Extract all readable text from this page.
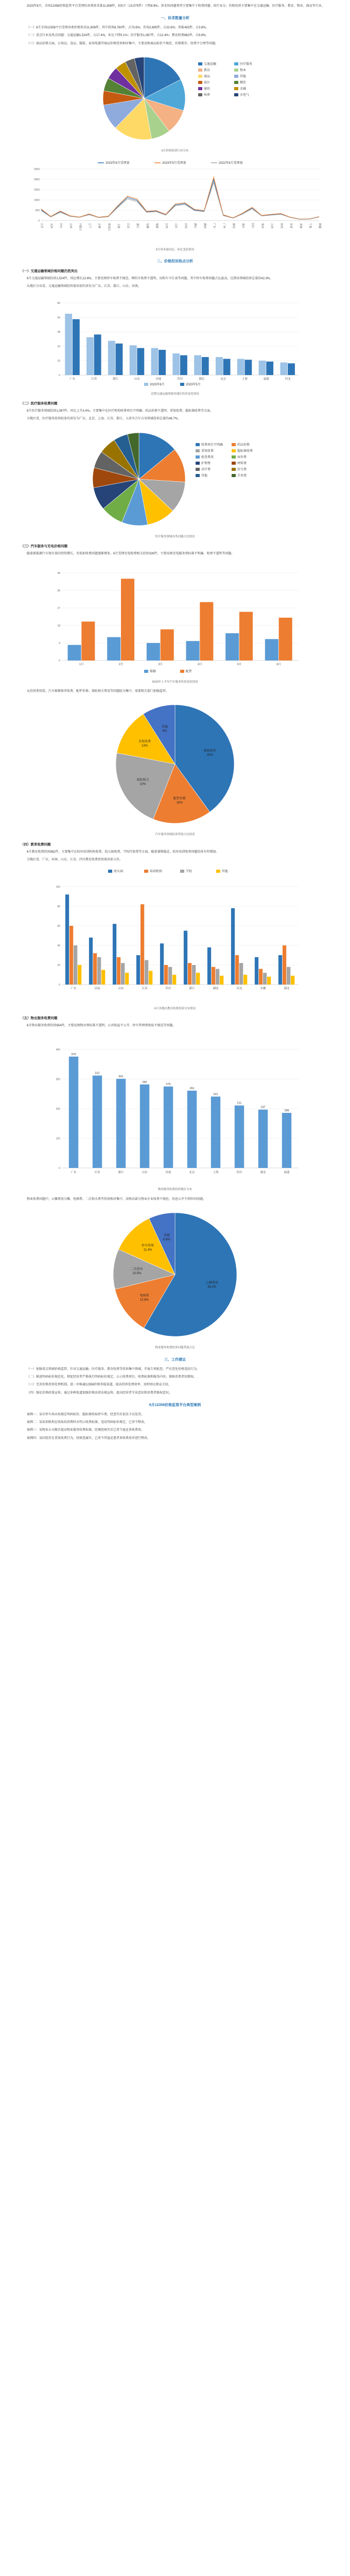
2023年6月，全国12358价格监管平台受理的各类诉求量11,908件，较5月（13,075件）下降8.9%。诉求按问题类型主要集中于收费问题。按行业分，价格投诉主要集中在交通运输、医疗服务、教育、物业、商品等行业。

一、诉求数量分析

（一）6月全国12358平台受理各类价格诉求11,908件，其中投诉8,760件，占73.6%；咨询2,695件，占22.6%；举报453件，占3.8%。

（二）重点行业及热点问题：交通运输1,524件，占17.4%，环比下降5.1%；医疗服务1,087件，占12.4%；教育收费862件，占9.8%。

（三）商品价格方面，日用品、食品、服装、家用电器等商品价格投诉相对集中，主要反映商品标价不规范、价格欺诈、收费不合理等问题。

交通运输	医疗服务
教育	物业
商品	其他
景区	餐饮
通信	金融
殡葬	水电气
6月价格投诉行业分布
0
500
1000
1500
2000
2500
北京	天津	河北	山西	内蒙古	辽宁	吉林	黑龙江	上海	江苏	浙江	安徽	福建	江西	山东	河南	湖北	湖南	广东	广西	海南	重庆	四川	贵州	云南	陕西	甘肃	青海	宁夏	新疆
2023年6月受理量	2023年5月受理量	2022年6月受理量
6月诉求量同比、环比变化情况
二、价格投诉热点分析
（一）交通运输领域价格问题仍然突出

6月交通运输领域投诉1,524件，同比增长12.6%。主要反映停车收费不规范、网约车收费不透明、出租车不打表等问题。其中停车收费问题占比最高，达到该领域投诉总量的42.3%。

从地区分布看，交通运输领域投诉量居前的省份为广东、江苏、浙江、山东、河南。

0
16
32
48
64
80
广东	江苏	浙江	山东	河南	四川	湖北	北京	上海	福建	河北
2023年6月	2023年5月
近期交通运输领域各地区投诉变化情况
（二）医疗服务收费问题

6月医疗服务领域投诉1,087件，环比上升3.4%。主要集中在医疗机构收费项目不明确、药品价格不透明、重复收费、超标准收费等方面。

分地区看，医疗服务投诉较多的省份为广东、北京、上海、江苏、浙江，五省市合计占该领域投诉总量的48.7%。

收费项目不明确	药品价格
重复收费	超标准收费
检查费用	床位费
护理费	材料费
诊疗费	挂号费
其他	手术费
医疗服务领域各类问题占比情况
（三）汽车服务与充电价格问题

随着新能源汽车保有量的持续增长，充电桩收费问题逐渐增多。6月受理充电收费相关投诉326件，主要反映充电服务费标准不明确、收费不透明等问题。

0
9
18
27
36
45
1月	2月	3月	4月	5月	6月
维修	配件
2023年上半年汽车服务投诉变化情况

从投诉类别看，汽车维修保养收费、配件价格、保险相关费用等问题较为集中，需要相关部门加强监管。

维修保养
40%
配件价格
16%
保险相关
22%
充电收费
13%
其他
9%
汽车服务领域投诉类别占比情况
（四）教育收费问题

6月教育收费投诉862件，主要集中在校外培训机构收费、幼儿园收费、学校代收费等方面。随着暑期临近，校外培训收费问题投诉有所增加。

分地区看，广东、河南、山东、江苏、四川教育收费投诉量居前五位。

0
20
40
60
80
100
广东	河南	山东	江苏	四川	浙江	湖南	河北	安徽	湖北
幼儿园	培训机构	学校	其他
6月各地区教育收费投诉分布情况
（五）物业服务收费问题

6月物业服务收费投诉654件，主要反映物业费标准不透明、公共收益不公开、停车管理费收取不规范等问题。

0
100
200
300
400
376
广东
312
江苏
301
浙江
282
山东
275
河南
261
北京
241
上海
211
四川
197
湖北
186
福建
物业服务收费投诉地区分布

物业收费问题中，公摊费用分摊、电梯费、二次供水费等投诉相对集中，反映出部分物业企业收费不规范、信息公开不到位的问题。

公摊费用
58.4%
电梯费
12.8%
二次供水
10.5%
停车管理
11.4%
其他
6.9%
物业服务收费投诉问题类别占比
三、工作建议

（一）加强重点领域价格监管。针对交通运输、医疗服务、教育收费等投诉集中领域，开展专项检查，严厉查处价格违法行为。

（二）推进明码标价规范化。督促经营者严格执行明码标价规定，公示收费项目、收费标准和服务内容，保障消费者知情权。

（三）完善价格投诉处理机制。进一步畅通12358价格举报渠道，提高投诉处理效率，及时回应群众关切。

（四）强化价格政策宣传。通过多种渠道加强价格法律法规宣传，提高经营者守法意识和消费者维权意识。

6月12358价格监管平台典型案例

案例一：某市停车场未按规定明码标价，超标准收取停车费，经查实后依法予以处罚。

案例二：某培训机构在收取培训费时未明示收费标准，违反明码标价规定，已责令整改。

案例三：某物业公司擅自提高物业服务收费标准，经调查核实后已责令退还多收费用。

案例四：某医院存在重复收费行为，经核查属实，已责令其退还患者多收费用并进行整改。
